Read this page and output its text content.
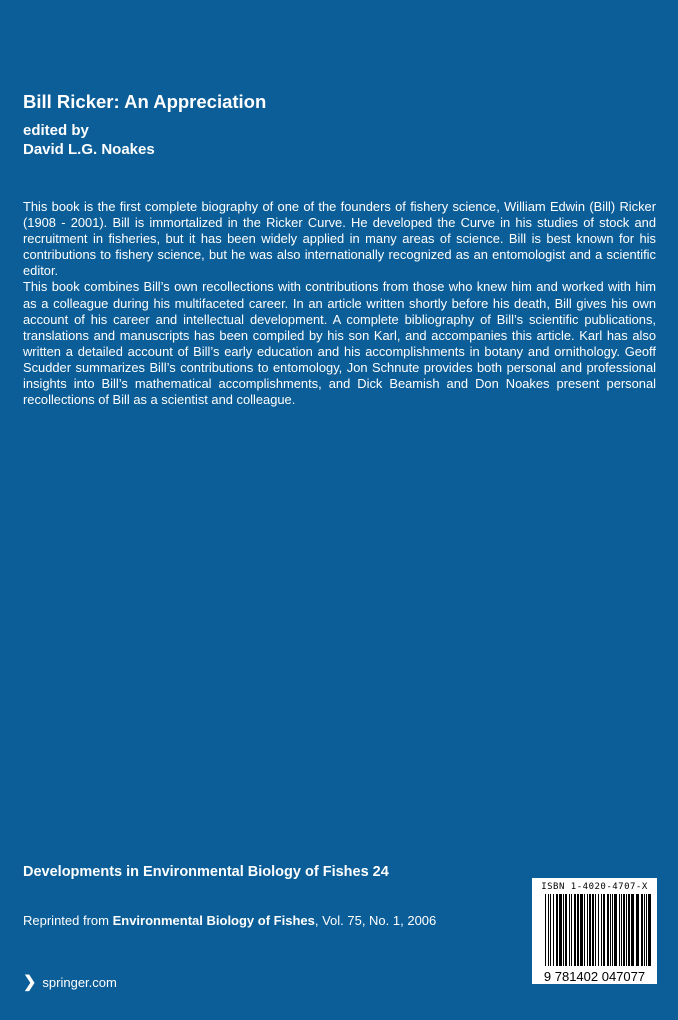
Bill Ricker: An Appreciation
edited by
David L.G. Noakes

This book is the first complete biography of one of the founders of fishery science, William Edwin (Bill) Ricker (1908 - 2001). Bill is immortalized in the Ricker Curve. He developed the Curve in his studies of stock and recruitment in fisheries, but it has been widely applied in many areas of science. Bill is best known for his contributions to fishery science, but he was also internationally recognized as an entomologist and a scientific editor.

This book combines Bill’s own recollections with contributions from those who knew him and worked with him as a colleague during his multifaceted career. In an article written shortly before his death, Bill gives his own account of his career and intellectual development. A complete bibliography of Bill’s scientific publications, translations and manuscripts has been compiled by his son Karl, and accompanies this article. Karl has also written a detailed account of Bill’s early education and his accomplishments in botany and ornithology. Geoff Scudder summarizes Bill’s contributions to entomology, Jon Schnute provides both personal and professional insights into Bill’s mathematical accomplishments, and Dick Beamish and Don Noakes present personal recollections of Bill as a scientist and colleague.

Developments in Environmental Biology of Fishes 24
Reprinted from Environmental Biology of Fishes, Vol. 75, No. 1, 2006
❯ springer.com
ISBN 1-4020-4707-X
9 781402 047077
